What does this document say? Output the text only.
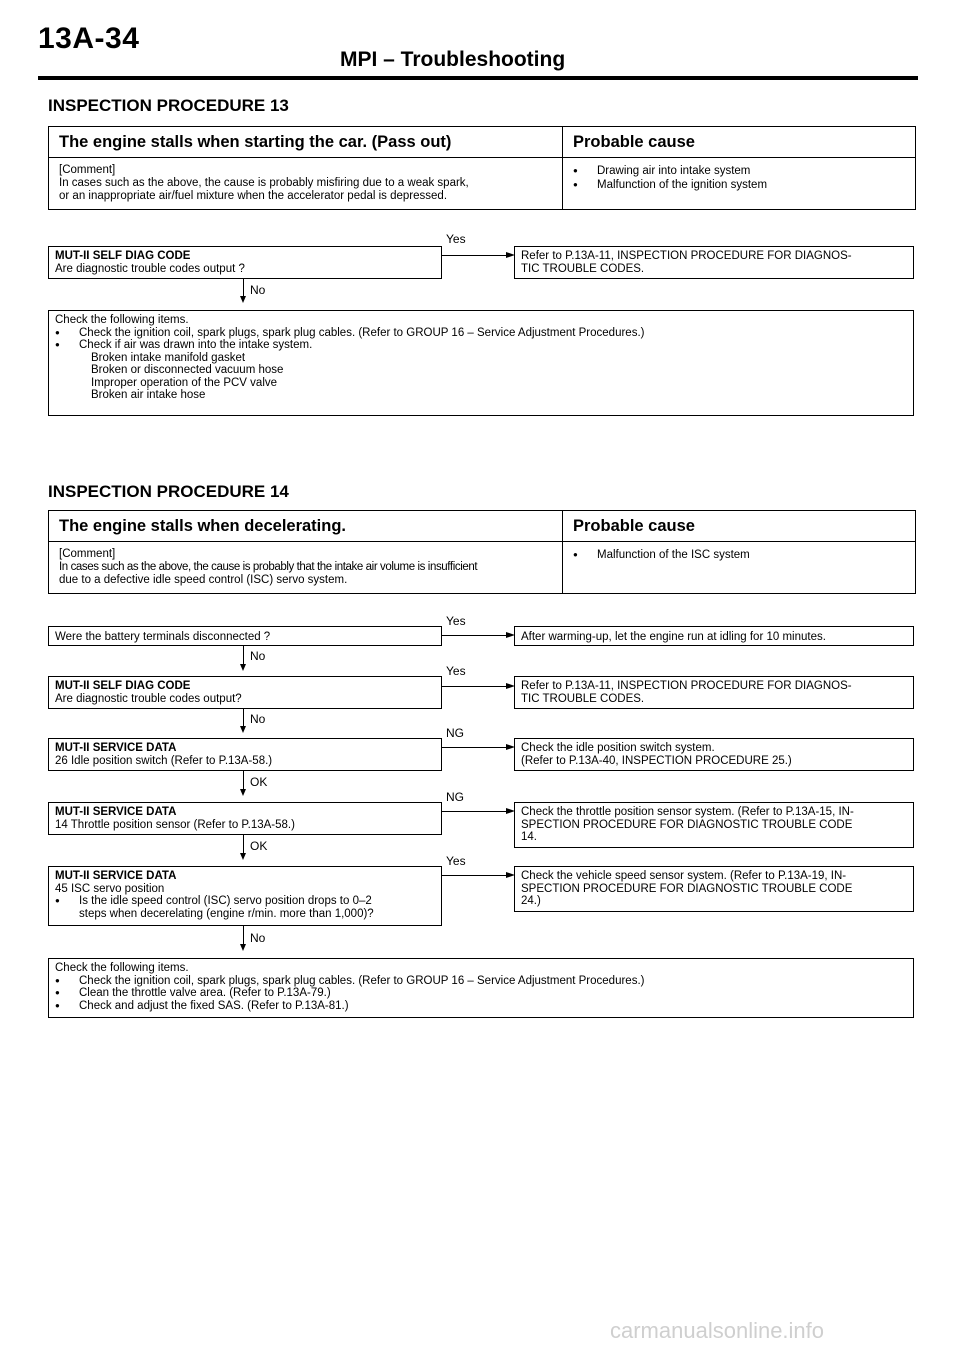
13A-34
MPI – Troubleshooting
INSPECTION PROCEDURE 13
The engine stalls when starting the car. (Pass out)	Probable cause
[Comment]
In cases such as the above, the cause is probably misfiring due to a weak spark,
or an inappropriate air/fuel mixture when the accelerator pedal is depressed.
● Drawing air into intake system
● Malfunction of the ignition system
MUT-II SELF DIAG CODE
Are diagnostic trouble codes output ?
Yes
Refer to P.13A-11, INSPECTION PROCEDURE FOR DIAGNOS-
TIC TROUBLE CODES.
No
Check the following items.
● Check the ignition coil, spark plugs, spark plug cables. (Refer to GROUP 16 – Service Adjustment Procedures.)
● Check if air was drawn into the intake system.
Broken intake manifold gasket
Broken or disconnected vacuum hose
Improper operation of the PCV valve
Broken air intake hose
INSPECTION PROCEDURE 14
The engine stalls when decelerating.	Probable cause
[Comment]
In cases such as the above, the cause is probably that the intake air volume is insufficient
due to a defective idle speed control (ISC) servo system.
● Malfunction of the ISC system
Were the battery terminals disconnected ?
Yes
After warming-up, let the engine run at idling for 10 minutes.
No
MUT-II SELF DIAG CODE
Are diagnostic trouble codes output?
Yes
Refer to P.13A-11, INSPECTION PROCEDURE FOR DIAGNOS-
TIC TROUBLE CODES.
No
MUT-II SERVICE DATA
26 Idle position switch (Refer to P.13A-58.)
NG
Check the idle position switch system.
(Refer to P.13A-40, INSPECTION PROCEDURE 25.)
OK
MUT-II SERVICE DATA
14 Throttle position sensor (Refer to P.13A-58.)
NG
Check the throttle position sensor system. (Refer to P.13A-15, IN-
SPECTION PROCEDURE FOR DIAGNOSTIC TROUBLE CODE
14.
OK
MUT-II SERVICE DATA
45 ISC servo position
● Is the idle speed control (ISC) servo position drops to 0–2
steps when decerelating (engine r/min. more than 1,000)?
Yes
Check the vehicle speed sensor system. (Refer to P.13A-19, IN-
SPECTION PROCEDURE FOR DIAGNOSTIC TROUBLE CODE
24.)
No
Check the following items.
● Check the ignition coil, spark plugs, spark plug cables. (Refer to GROUP 16 – Service Adjustment Procedures.)
● Clean the throttle valve area. (Refer to P.13A-79.)
● Check and adjust the fixed SAS. (Refer to P.13A-81.)
carmanualsonline.info
